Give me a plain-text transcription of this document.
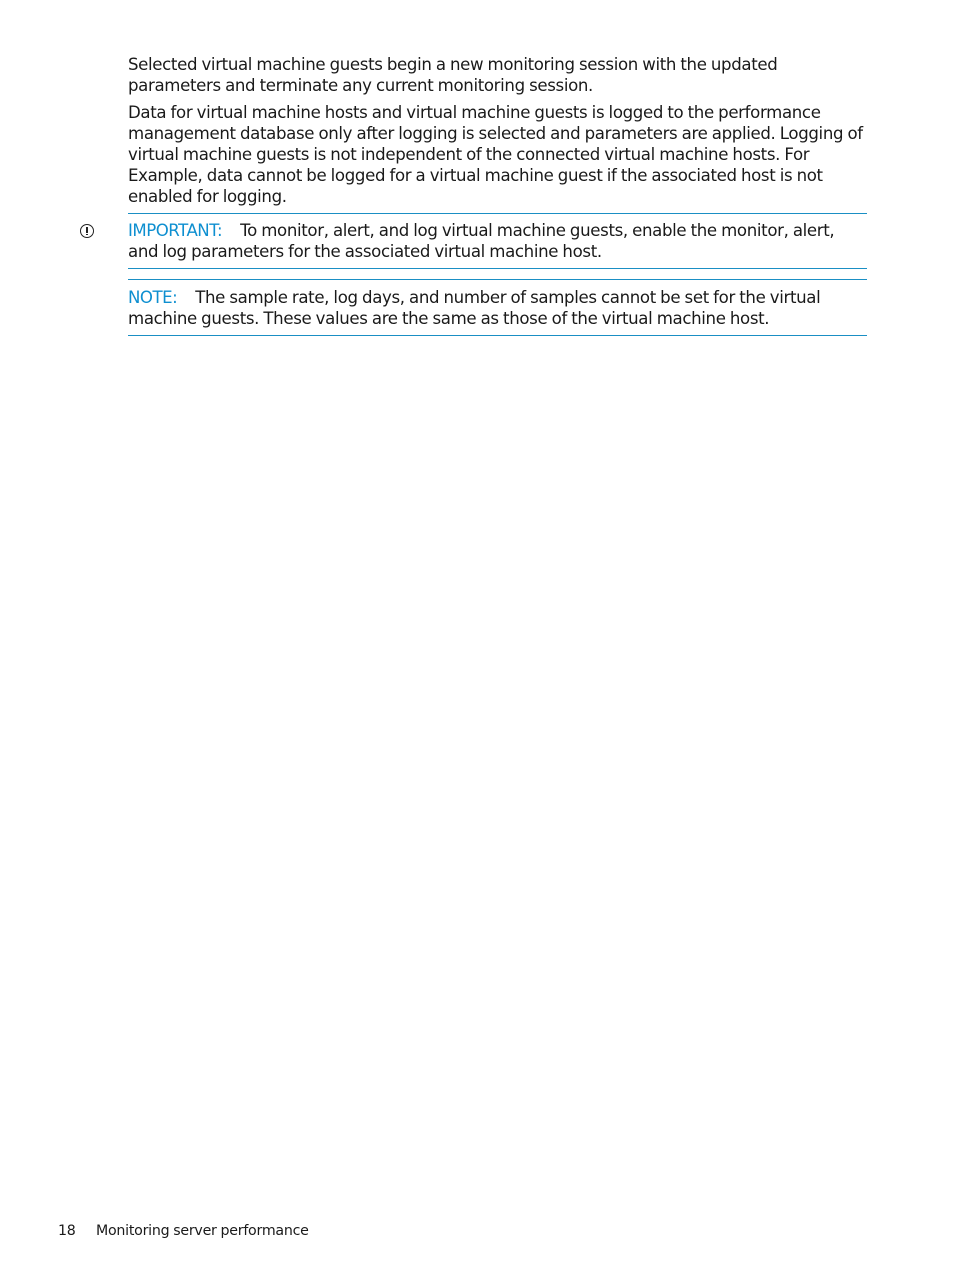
Selected virtual machine guests begin a new monitoring session with the updated parameters and terminate any current monitoring session.

Data for virtual machine hosts and virtual machine guests is logged to the performance management database only after logging is selected and parameters are applied. Logging of virtual machine guests is not independent of the connected virtual machine hosts. For Example, data cannot be logged for a virtual machine guest if the associated host is not enabled for logging.

IMPORTANT: To monitor, alert, and log virtual machine guests, enable the monitor, alert, and log parameters for the associated virtual machine host.
NOTE: The sample rate, log days, and number of samples cannot be set for the virtual machine guests. These values are the same as those of the virtual machine host.
18 Monitoring server performance
